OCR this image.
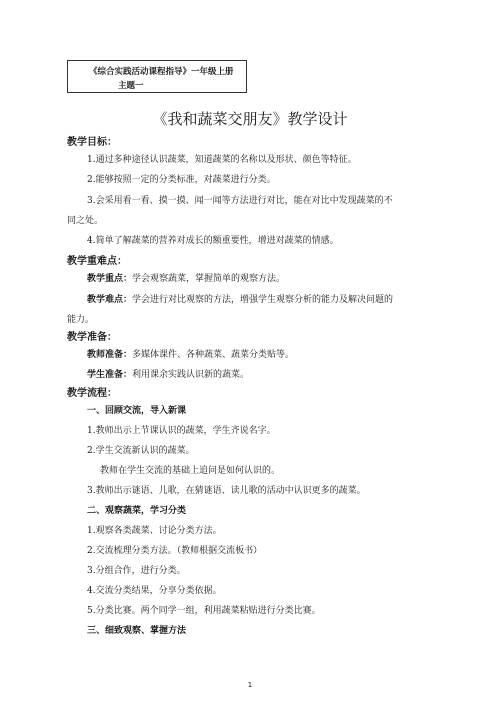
《综合实践活动课程指导》一年级上册
主题一
《我和蔬菜交朋友》教学设计
教学目标：
1.通过多种途径认识蔬菜，知道蔬菜的名称以及形状、颜色等特征。
2.能够按照一定的分类标准，对蔬菜进行分类。
3.会采用看一看、摸一摸、闻一闻等方法进行对比，能在对比中发现蔬菜的不
同之处。
4.简单了解蔬菜的营养对成长的额重要性，增进对蔬菜的情感。
教学重难点：
教学重点：学会观察蔬菜，掌握简单的观察方法。
教学难点：学会进行对比观察的方法，增强学生观察分析的能力及解决问题的
能力。
教学准备：
教师准备：多媒体课件、各种蔬菜、蔬菜分类贴等。
学生准备：利用课余实践认识新的蔬菜。
教学流程：
一、回顾交流，导入新课
1.教师出示上节课认识的蔬菜，学生齐说名字。
2.学生交流新认识的蔬菜。
教师在学生交流的基础上追问是如何认识的。
3.教师出示谜语、儿歌，在猜谜语、读儿歌的活动中认识更多的蔬菜。
二、观察蔬菜，学习分类
1.观察各类蔬菜、讨论分类方法。
2.交流梳理分类方法。（教师根据交流板书）
3.分组合作，进行分类。
4.交流分类结果，分享分类依据。
5.分类比赛。两个同学一组，利用蔬菜粘贴进行分类比赛。
三、细致观察、掌握方法
1
